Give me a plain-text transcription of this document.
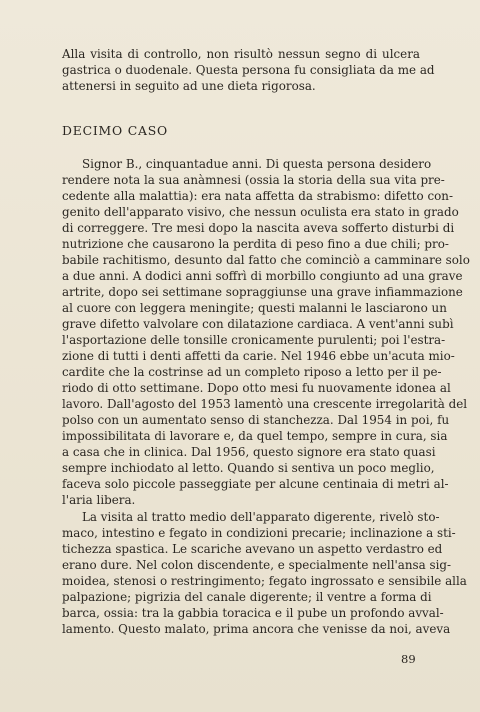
Alla visita di controllo, non risultò nessun segno di ulcera
gastrica o duodenale. Questa persona fu consigliata da me ad
attenersi in seguito ad une dieta rigorosa.
DECIMO CASO
Signor B., cinquantadue anni. Di questa persona desidero
rendere nota la sua anàmnesi (ossia la storia della sua vita pre-
cedente alla malattia): era nata affetta da strabismo: difetto con-
genito dell'apparato visivo, che nessun oculista era stato in grado
di correggere. Tre mesi dopo la nascita aveva sofferto disturbi di
nutrizione che causarono la perdita di peso fino a due chili; pro-
babile rachitismo, desunto dal fatto che cominciò a camminare solo
a due anni. A dodici anni soffrì di morbillo congiunto ad una grave
artrite, dopo sei settimane sopraggiunse una grave infiammazione
al cuore con leggera meningite; questi malanni le lasciarono un
grave difetto valvolare con dilatazione cardiaca. A vent'anni subì
l'asportazione delle tonsille cronicamente purulenti; poi l'estra-
zione di tutti i denti affetti da carie. Nel 1946 ebbe un'acuta mio-
cardite che la costrinse ad un completo riposo a letto per il pe-
riodo di otto settimane. Dopo otto mesi fu nuovamente idonea al
lavoro. Dall'agosto del 1953 lamentò una crescente irregolarità del
polso con un aumentato senso di stanchezza. Dal 1954 in poi, fu
impossibilitata di lavorare e, da quel tempo, sempre in cura, sia
a casa che in clinica. Dal 1956, questo signore era stato quasi
sempre inchiodato al letto. Quando si sentiva un poco meglio,
faceva solo piccole passeggiate per alcune centinaia di metri al-
l'aria libera.
La visita al tratto medio dell'apparato digerente, rivelò sto-
maco, intestino e fegato in condizioni precarie; inclinazione a sti-
tichezza spastica. Le scariche avevano un aspetto verdastro ed
erano dure. Nel colon discendente, e specialmente nell'ansa sig-
moidea, stenosi o restringimento; fegato ingrossato e sensibile alla
palpazione; pigrizia del canale digerente; il ventre a forma di
barca, ossia: tra la gabbia toracica e il pube un profondo avval-
lamento. Questo malato, prima ancora che venisse da noi, aveva
89
